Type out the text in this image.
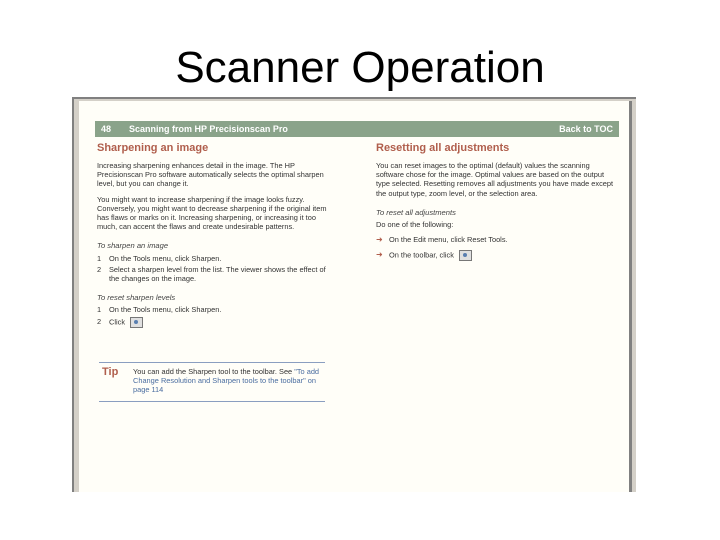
Scanner Operation
48 Scanning from HP Precisionscan Pro	Back to TOC
Sharpening an image
Increasing sharpening enhances detail in the image. The HP Precisionscan Pro software automatically selects the optimal sharpen level, but you can change it.
You might want to increase sharpening if the image looks fuzzy. Conversely, you might want to decrease sharpening if the original item has flaws or marks on it. Increasing sharpening, or increasing it too much, can accent the flaws and create undesirable patterns.
To sharpen an image
1 On the Tools menu, click Sharpen.
2 Select a sharpen level from the list. The viewer shows the effect of the changes on the image.
To reset sharpen levels
1 On the Tools menu, click Sharpen.
2 Click
Tip You can add the Sharpen tool to the toolbar. See "To add Change Resolution and Sharpen tools to the toolbar" on page 114
Resetting all adjustments
You can reset images to the optimal (default) values the scanning software chose for the image. Optimal values are based on the output type selected. Resetting removes all adjustments you have made except the output type, zoom level, or the selection area.
To reset all adjustments
Do one of the following:
➜ On the Edit menu, click Reset Tools.
➜ On the toolbar, click
